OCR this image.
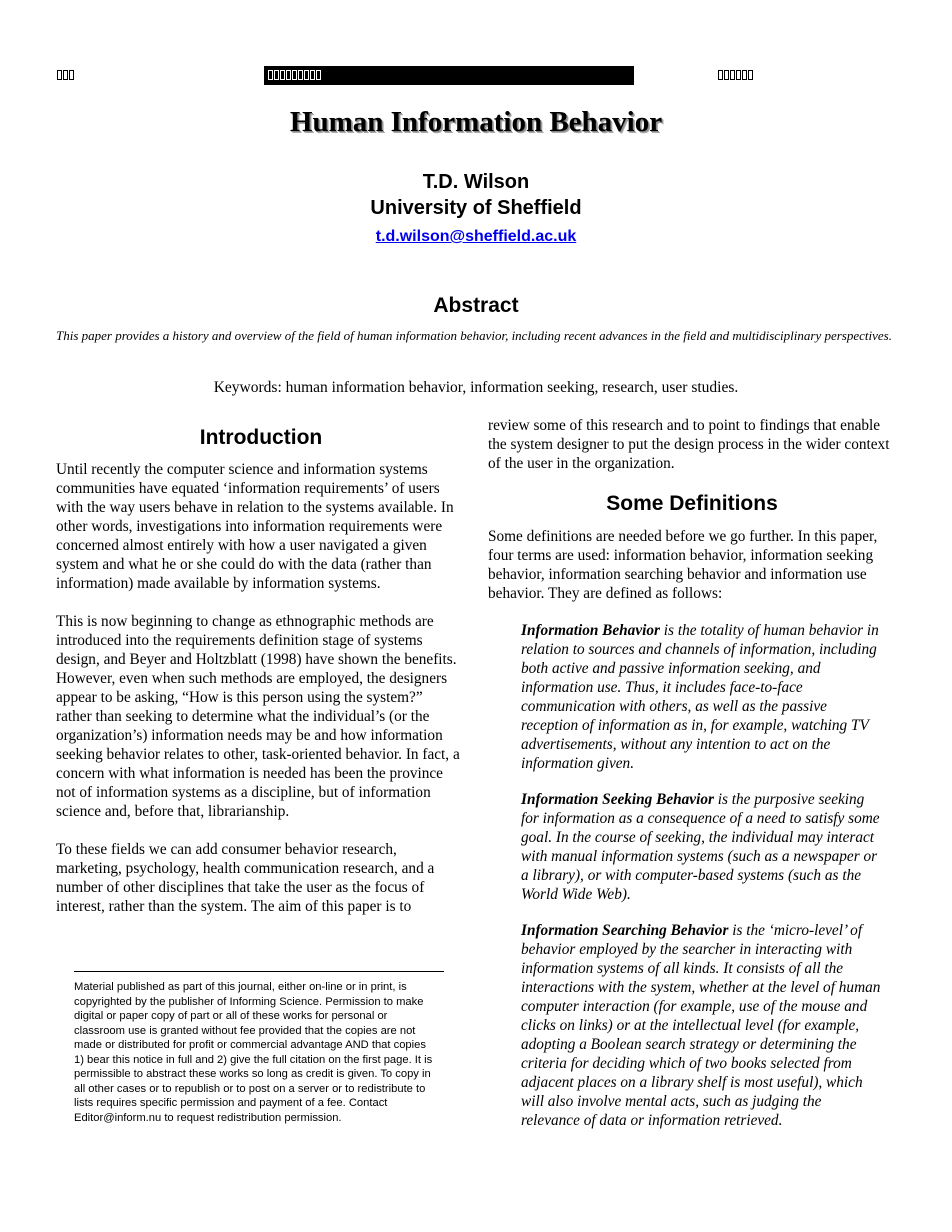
Human Information Behavior
T.D. Wilson
University of Sheffield
t.d.wilson@sheffield.ac.uk
Abstract
This paper provides a history and overview of the field of human information behavior, including recent advances in the field and multidisciplinary perspectives.
Keywords: human information behavior, information seeking, research, user studies.
Introduction

Until recently the computer science and information systems communities have equated ‘information requirements’ of users with the way users behave in relation to the systems available. In other words, investigations into information requirements were concerned almost entirely with how a user navigated a given system and what he or she could do with the data (rather than information) made available by information systems.

This is now beginning to change as ethnographic methods are introduced into the requirements definition stage of systems design, and Beyer and Holtzblatt (1998) have shown the benefits. However, even when such methods are employed, the designers appear to be asking, “How is this person using the system?” rather than seeking to determine what the individual’s (or the organization’s) information needs may be and how information seeking behavior relates to other, task-oriented behavior. In fact, a concern with what information is needed has been the province not of information systems as a discipline, but of information science and, before that, librarianship.

To these fields we can add consumer behavior research, marketing, psychology, health communication research, and a number of other disciplines that take the user as the focus of interest, rather than the system. The aim of this paper is to

Material published as part of this journal, either on-line or in print, is copyrighted by the publisher of Informing Science. Permission to make digital or paper copy of part or all of these works for personal or classroom use is granted without fee provided that the copies are not made or distributed for profit or commercial advantage AND that copies 1) bear this notice in full and 2) give the full citation on the first page. It is permissible to abstract these works so long as credit is given. To copy in all other cases or to republish or to post on a server or to redistribute to lists requires specific permission and payment of a fee. Contact Editor@inform.nu to request redistribution permission.

review some of this research and to point to findings that enable the system designer to put the design process in the wider context of the user in the organization.

Some Definitions

Some definitions are needed before we go further. In this paper, four terms are used: information behavior, information seeking behavior, information searching behavior and information use behavior. They are defined as follows:

Information Behavior is the totality of human behavior in relation to sources and channels of information, including both active and passive information seeking, and information use. Thus, it includes face-to-face communication with others, as well as the passive reception of information as in, for example, watching TV advertisements, without any intention to act on the information given.
Information Seeking Behavior is the purposive seeking for information as a consequence of a need to satisfy some goal. In the course of seeking, the individual may interact with manual information systems (such as a newspaper or a library), or with computer-based systems (such as the World Wide Web).
Information Searching Behavior is the ‘micro-level’ of behavior employed by the searcher in interacting with information systems of all kinds. It consists of all the interactions with the system, whether at the level of human computer interaction (for example, use of the mouse and clicks on links) or at the intellectual level (for example, adopting a Boolean search strategy or determining the criteria for deciding which of two books selected from adjacent places on a library shelf is most useful), which will also involve mental acts, such as judging the relevance of data or information retrieved.
